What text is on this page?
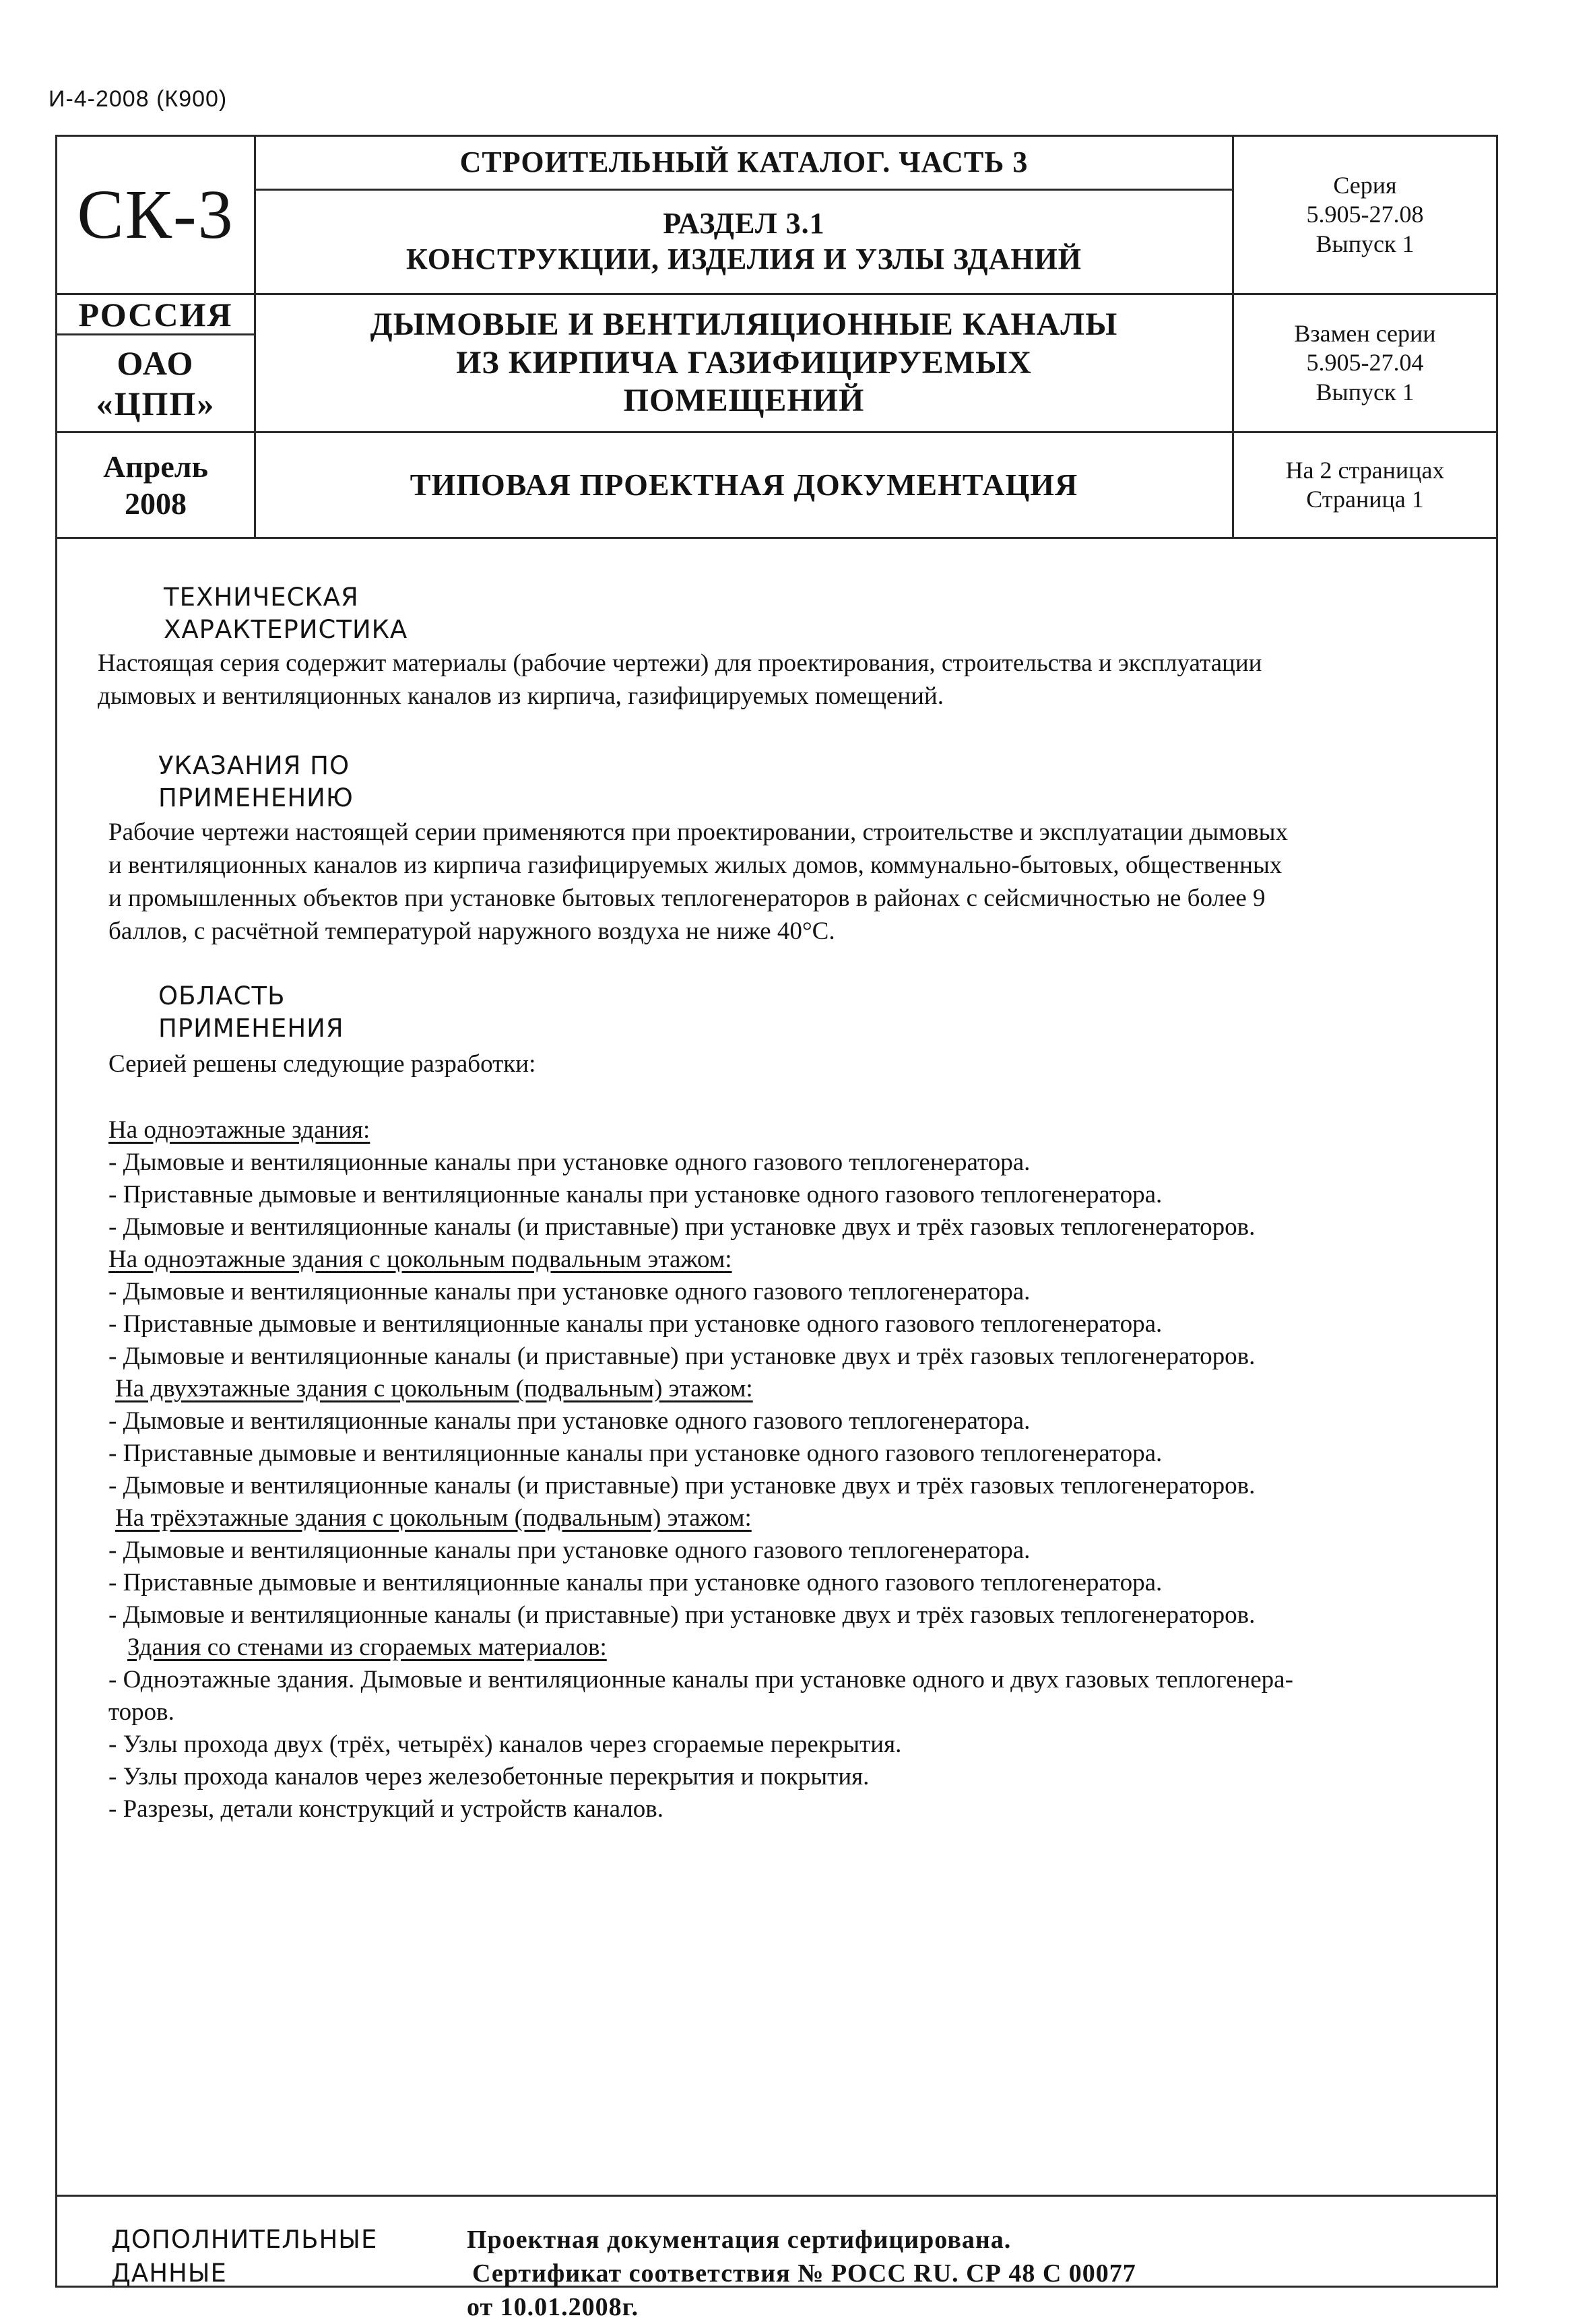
И-4-2008 (К900)
СК-3
СТРОИТЕЛЬНЫЙ КАТАЛОГ. ЧАСТЬ 3
РАЗДЕЛ 3.1
КОНСТРУКЦИИ, ИЗДЕЛИЯ И УЗЛЫ ЗДАНИЙ
Серия
5.905-27.08
Выпуск 1
РОССИЯ
ОАО
«ЦПП»
ДЫМОВЫЕ И ВЕНТИЛЯЦИОННЫЕ КАНАЛЫ
ИЗ КИРПИЧА ГАЗИФИЦИРУЕМЫХ
ПОМЕЩЕНИЙ
Взамен серии
5.905-27.04
Выпуск 1
Апрель
2008
ТИПОВАЯ ПРОЕКТНАЯ ДОКУМЕНТАЦИЯ	На 2 страницах
Страница 1
ТЕХНИЧЕСКАЯ
ХАРАКТЕРИСТИКА
Настоящая серия содержит материалы (рабочие чертежи) для проектирования, строительства и эксплуатации
дымовых и вентиляционных каналов из кирпича, газифицируемых помещений.
УКАЗАНИЯ ПО
ПРИМЕНЕНИЮ
Рабочие чертежи настоящей серии применяются при проектировании, строительстве и эксплуатации дымовых
и вентиляционных каналов из кирпича газифицируемых жилых домов, коммунально-бытовых, общественных
и промышленных объектов при установке бытовых теплогенераторов в районах с сейсмичностью не более 9
баллов, с расчётной температурой наружного воздуха не ниже 40°С.
ОБЛАСТЬ
ПРИМЕНЕНИЯ
Серией решены следующие разработки:
На одноэтажные здания:
- Дымовые и вентиляционные каналы при установке одного газового теплогенератора.
- Приставные дымовые и вентиляционные каналы при установке одного газового теплогенератора.
- Дымовые и вентиляционные каналы (и приставные) при установке двух и трёх газовых теплогенераторов.
На одноэтажные здания с цокольным подвальным этажом:
- Дымовые и вентиляционные каналы при установке одного газового теплогенератора.
- Приставные дымовые и вентиляционные каналы при установке одного газового теплогенератора.
- Дымовые и вентиляционные каналы (и приставные) при установке двух и трёх газовых теплогенераторов.
На двухэтажные здания с цокольным (подвальным) этажом:
- Дымовые и вентиляционные каналы при установке одного газового теплогенератора.
- Приставные дымовые и вентиляционные каналы при установке одного газового теплогенератора.
- Дымовые и вентиляционные каналы (и приставные) при установке двух и трёх газовых теплогенераторов.
На трёхэтажные здания с цокольным (подвальным) этажом:
- Дымовые и вентиляционные каналы при установке одного газового теплогенератора.
- Приставные дымовые и вентиляционные каналы при установке одного газового теплогенератора.
- Дымовые и вентиляционные каналы (и приставные) при установке двух и трёх газовых теплогенераторов.
Здания со стенами из сгораемых материалов:
- Одноэтажные здания. Дымовые и вентиляционные каналы при установке одного и двух газовых теплогенера-
торов.
- Узлы прохода двух (трёх, четырёх) каналов через сгораемые перекрытия.
- Узлы прохода каналов через железобетонные перекрытия и покрытия.
- Разрезы, детали конструкций и устройств каналов.
ДОПОЛНИТЕЛЬНЫЕ
ДАННЫЕ
Проектная документация сертифицирована.
Сертификат соответствия № РОСС RU. СР 48 С 00077
от 10.01.2008г.
